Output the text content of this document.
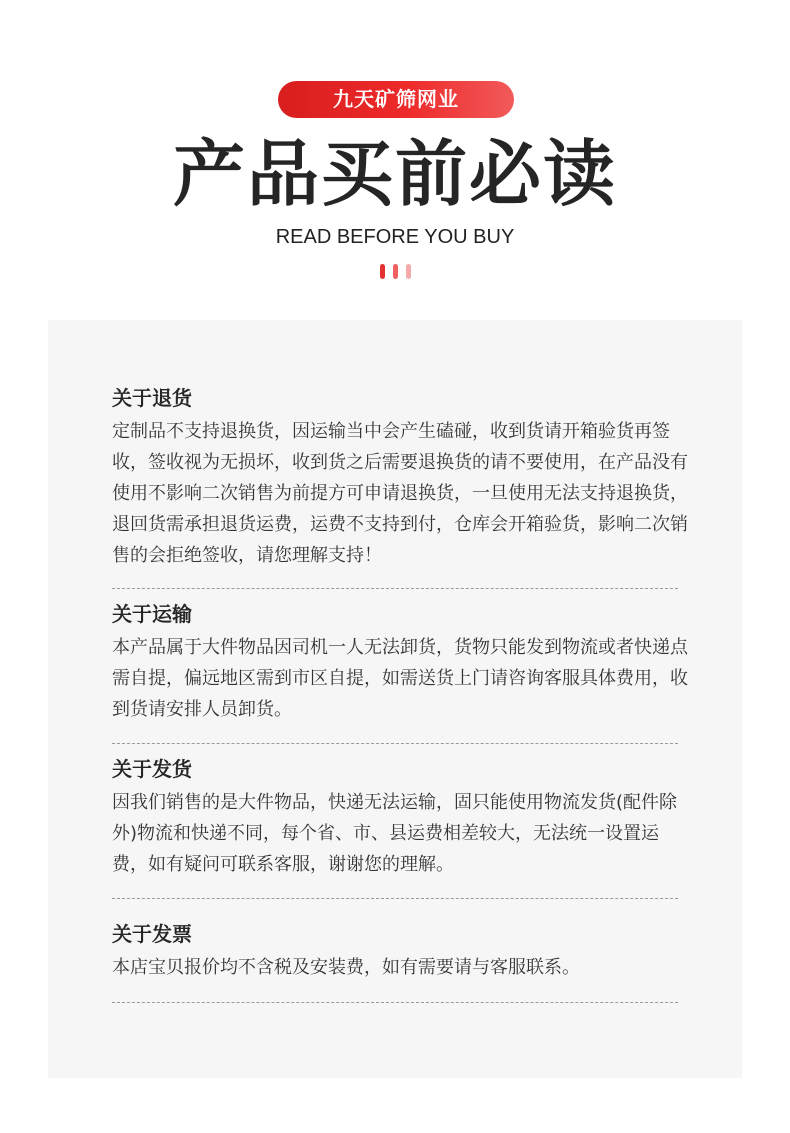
九天矿筛网业
产品买前必读
READ BEFORE YOU BUY
关于退货
定制品不支持退换货，因运输当中会产生磕碰，收到货请开箱验货再签收，签收视为无损坏，收到货之后需要退换货的请不要使用，在产品没有使用不影响二次销售为前提方可申请退换货，一旦使用无法支持退换货，退回货需承担退货运费，运费不支持到付，仓库会开箱验货，影响二次销售的会拒绝签收，请您理解支持！
关于运输
本产品属于大件物品因司机一人无法卸货，货物只能发到物流或者快递点需自提，偏远地区需到市区自提，如需送货上门请咨询客服具体费用，收到货请安排人员卸货。
关于发货
因我们销售的是大件物品，快递无法运输，固只能使用物流发货(配件除外)物流和快递不同，每个省、市、县运费相差较大，无法统一设置运费，如有疑问可联系客服，谢谢您的理解。
关于发票
本店宝贝报价均不含税及安装费，如有需要请与客服联系。
